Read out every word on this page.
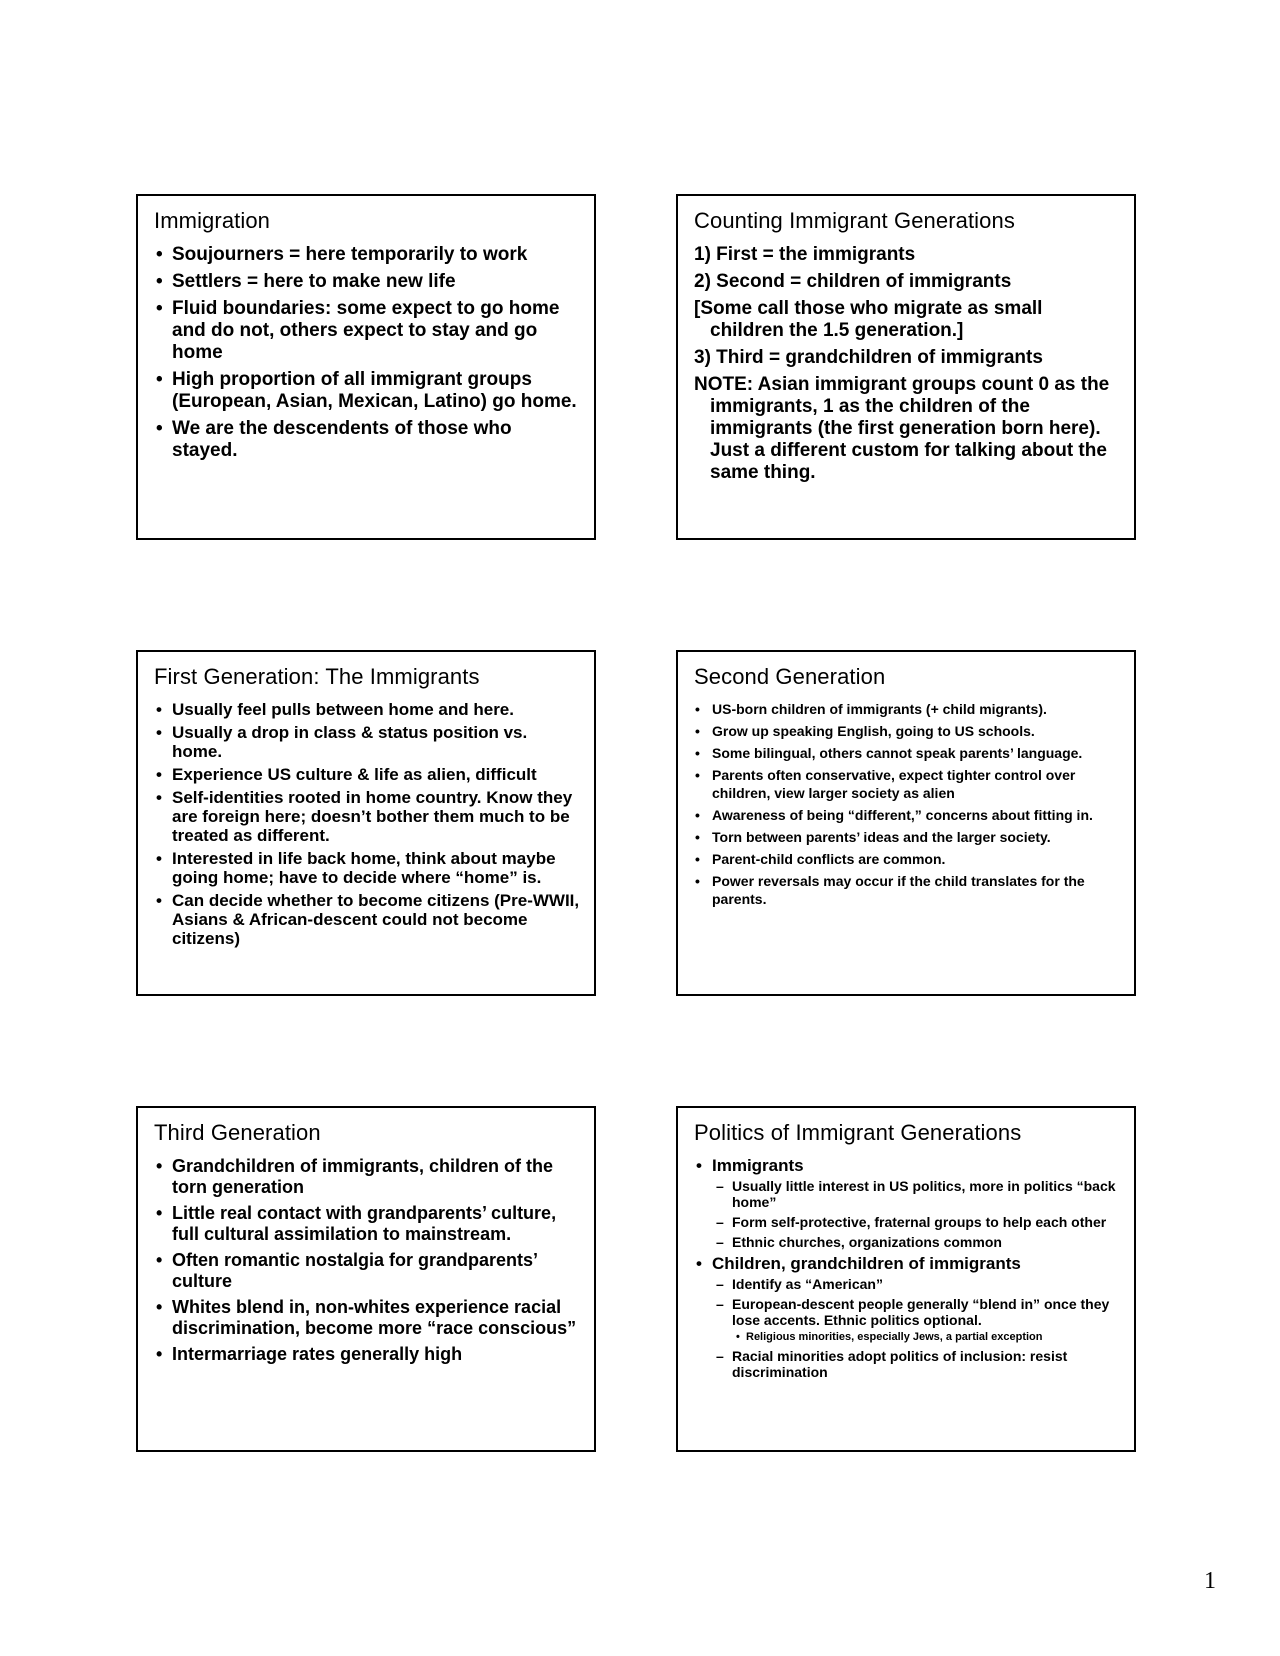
Immigration
• Soujourners = here temporarily to work
• Settlers = here to make new life
• Fluid boundaries: some expect to go home and do not, others expect to stay and go home
• High proportion of all immigrant groups (European, Asian, Mexican, Latino) go home.
• We are the descendents of those who stayed.
Counting Immigrant Generations

1) First = the immigrants

2) Second = children of immigrants

[Some call those who migrate as small children the 1.5 generation.]

3) Third = grandchildren of immigrants

NOTE: Asian immigrant groups count 0 as the immigrants, 1 as the children of the immigrants (the first generation born here). Just a different custom for talking about the same thing.

First Generation: The Immigrants
• Usually feel pulls between home and here.
• Usually a drop in class & status position vs. home.
• Experience US culture & life as alien, difficult
• Self-identities rooted in home country. Know they are foreign here; doesn’t bother them much to be treated as different.
• Interested in life back home, think about maybe going home; have to decide where “home” is.
• Can decide whether to become citizens (Pre-WWII, Asians & African-descent could not become citizens)
Second Generation
• US-born children of immigrants (+ child migrants).
• Grow up speaking English, going to US schools.
• Some bilingual, others cannot speak parents’ language.
• Parents often conservative, expect tighter control over children, view larger society as alien
• Awareness of being “different,” concerns about fitting in.
• Torn between parents’ ideas and the larger society.
• Parent-child conflicts are common.
• Power reversals may occur if the child translates for the parents.
Third Generation
• Grandchildren of immigrants, children of the torn generation
• Little real contact with grandparents’ culture, full cultural assimilation to mainstream.
• Often romantic nostalgia for grandparents’ culture
• Whites blend in, non-whites experience racial discrimination, become more “race conscious”
• Intermarriage rates generally high
Politics of Immigrant Generations
• Immigrants
– Usually little interest in US politics, more in politics “back home”
– Form self-protective, fraternal groups to help each other
– Ethnic churches, organizations common
• Children, grandchildren of immigrants
– Identify as “American”
– European-descent people generally “blend in” once they lose accents. Ethnic politics optional.
• Religious minorities, especially Jews, a partial exception
– Racial minorities adopt politics of inclusion: resist discrimination
1
